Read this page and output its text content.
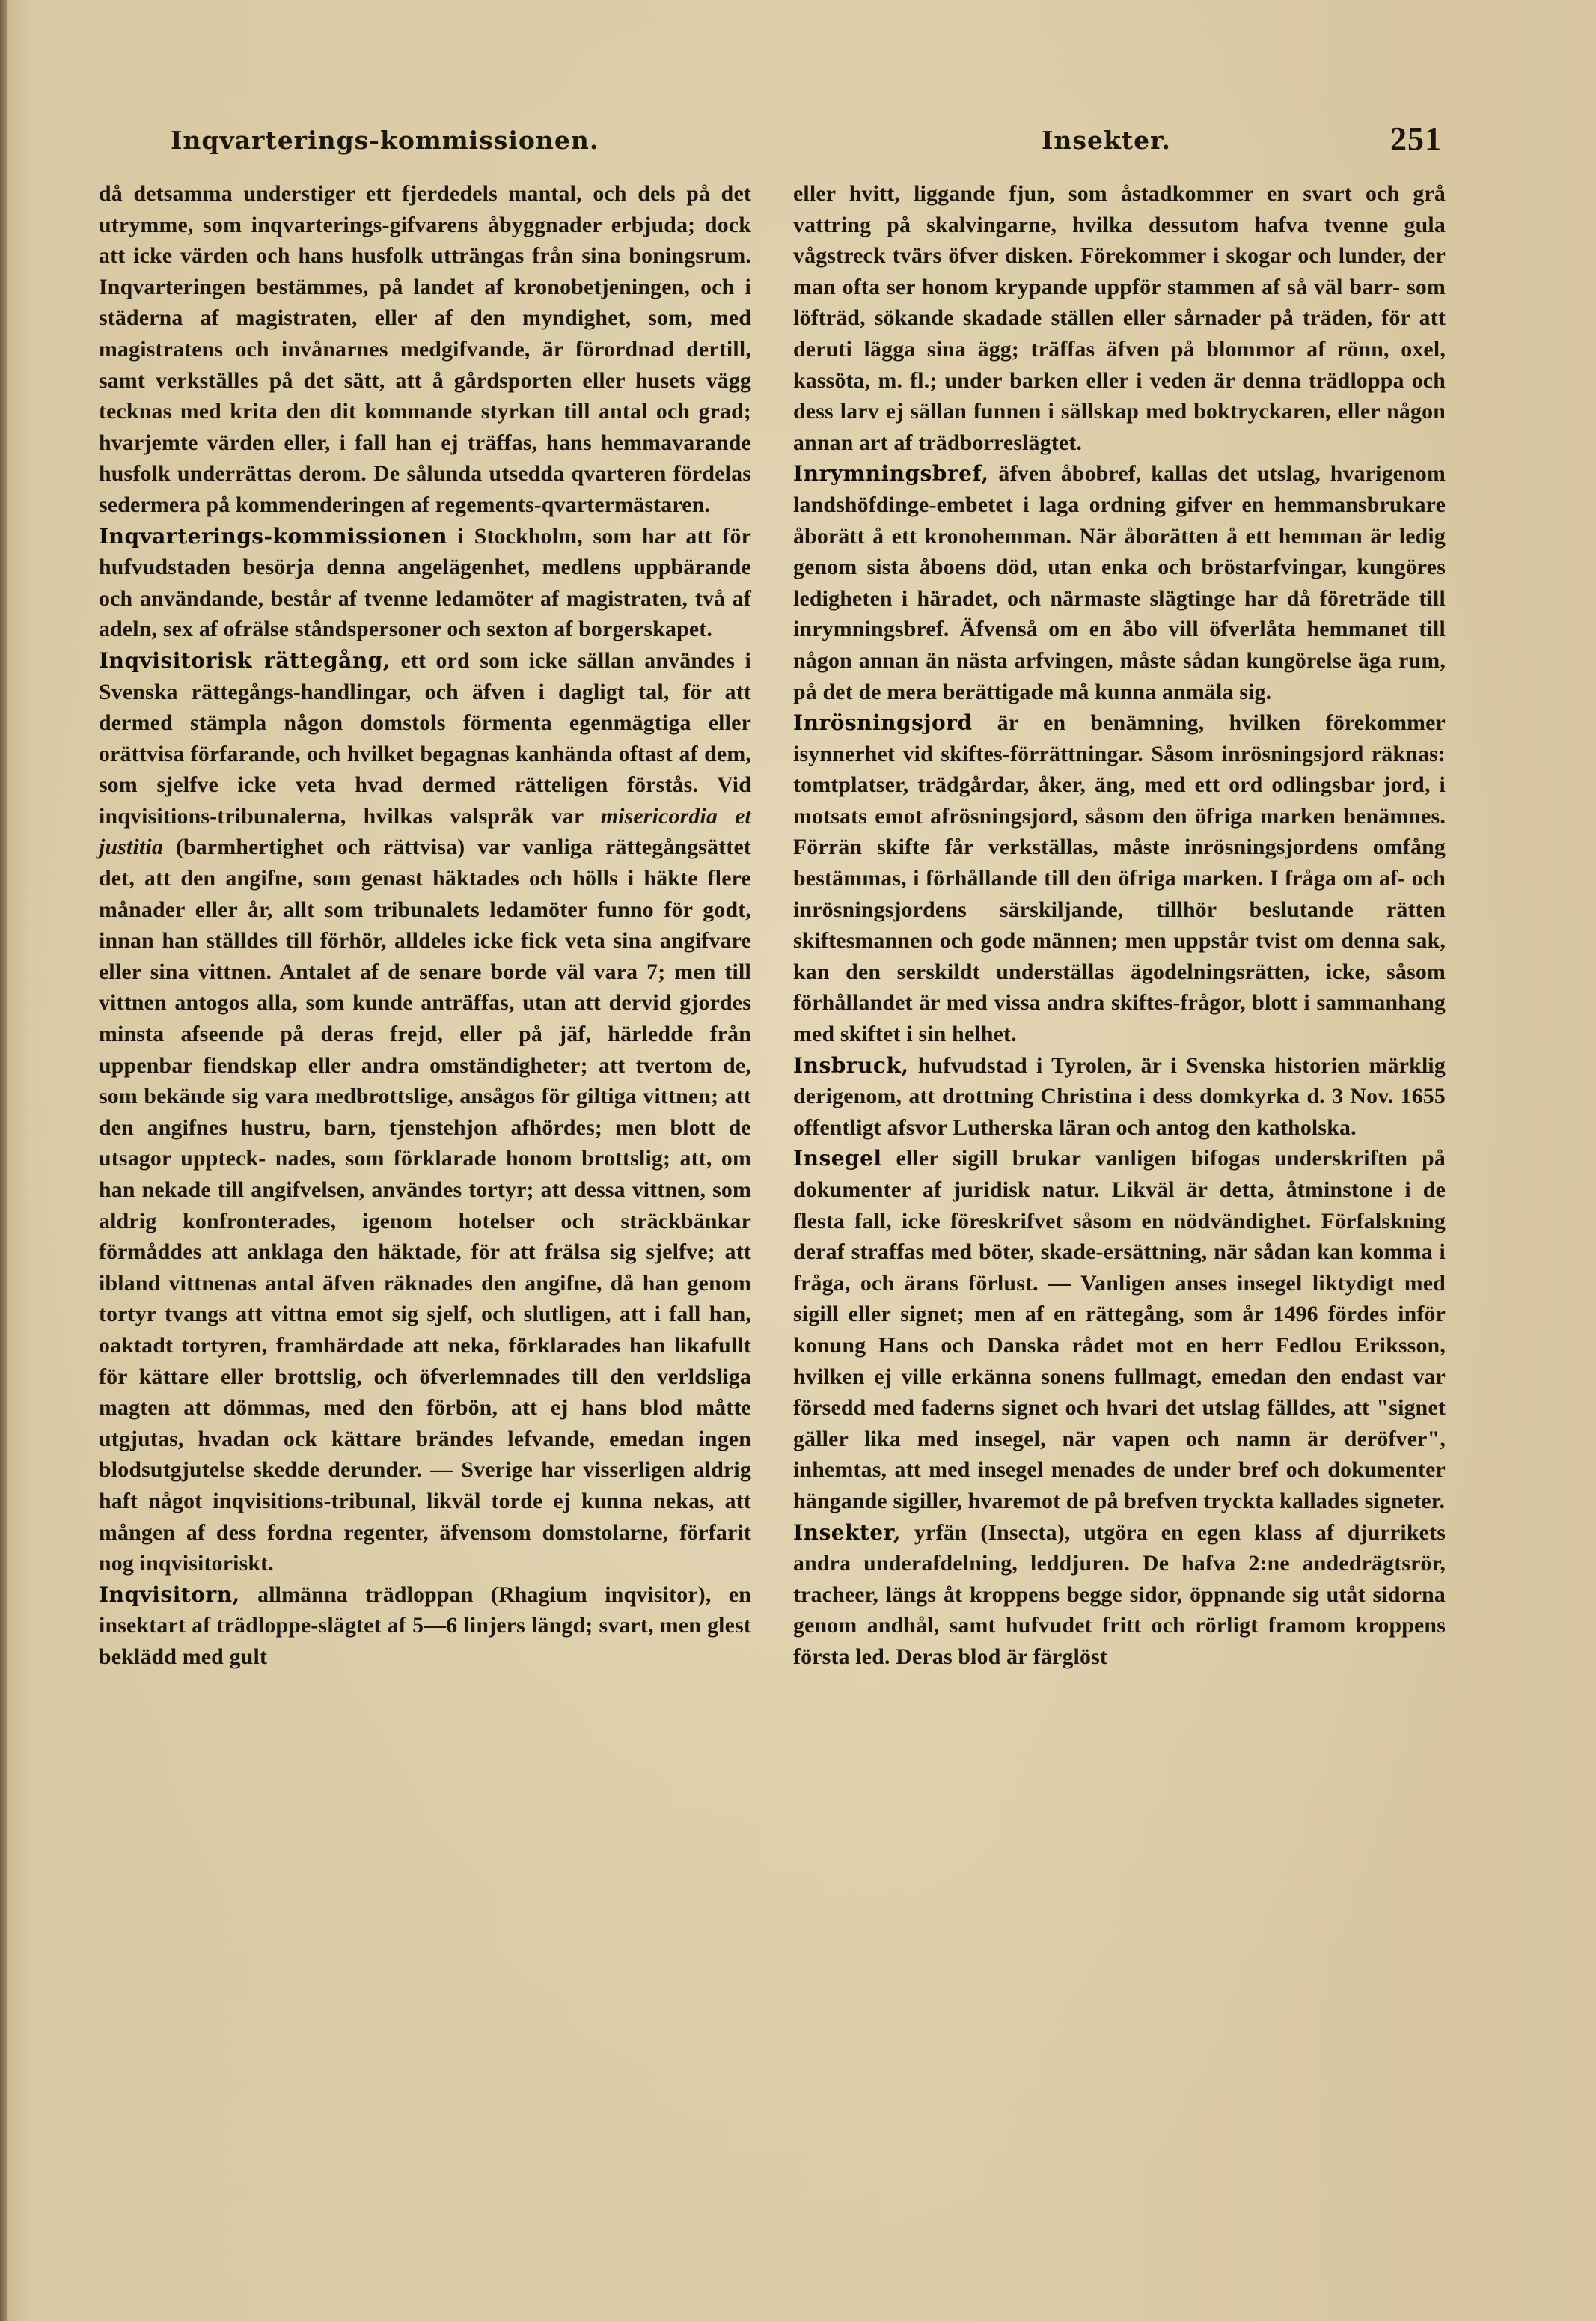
Inqvarterings-kommissionen.	Insekter.	251

då detsamma understiger ett fjerdedels mantal, och dels på det utrymme, som inqvarterings-gifvarens åbyggnader erbjuda; dock att icke värden och hans husfolk utträngas från sina boningsrum. Inqvarteringen bestämmes, på landet af kronobetjeningen, och i städerna af magistraten, eller af den myndighet, som, med magistratens och invånarnes medgifvande, är förordnad dertill, samt verkställes på det sätt, att å gårdsporten eller husets vägg tecknas med krita den dit kommande styrkan till antal och grad; hvarjemte värden eller, i fall han ej träffas, hans hemmavarande husfolk underrättas derom. De sålunda utsedda qvarteren fördelas sedermera på kommenderingen af regements-qvartermästaren.

Inqvarterings-kommissionen i Stockholm, som har att för hufvudstaden besörja denna angelägenhet, medlens uppbärande och användande, består af tvenne ledamöter af magistraten, två af adeln, sex af ofrälse ståndspersoner och sexton af borgerskapet.

Inqvisitorisk rättegång, ett ord som icke sällan användes i Svenska rättegångs-handlingar, och äfven i dagligt tal, för att dermed stämpla någon domstols förmenta egenmägtiga eller orättvisa förfarande, och hvilket begagnas kanhända oftast af dem, som sjelfve icke veta hvad dermed rätteligen förstås. Vid inqvisitions-tribunalerna, hvilkas valspråk var misericordia et justitia (barmhertighet och rättvisa) var vanliga rättegångsättet det, att den angifne, som genast häktades och hölls i häkte flere månader eller år, allt som tribunalets ledamöter funno för godt, innan han ställdes till förhör, alldeles icke fick veta sina angifvare eller sina vittnen. Antalet af de senare borde väl vara 7; men till vittnen antogos alla, som kunde anträffas, utan att dervid gjordes minsta afseende på deras frejd, eller på jäf, härledde från uppenbar fiendskap eller andra omständigheter; att tvertom de, som bekände sig vara medbrottslige, ansågos för giltiga vittnen; att den angifnes hustru, barn, tjenstehjon afhördes; men blott de utsagor uppteck- nades, som förklarade honom brottslig; att, om han nekade till angifvelsen, användes tortyr; att dessa vittnen, som aldrig konfronterades, igenom hotelser och sträckbänkar förmåddes att anklaga den häktade, för att frälsa sig sjelfve; att ibland vittnenas antal äfven räknades den angifne, då han genom tortyr tvangs att vittna emot sig sjelf, och slutligen, att i fall han, oaktadt tortyren, framhärdade att neka, förklarades han likafullt för kättare eller brottslig, och öfverlemnades till den verldsliga magten att dömmas, med den förbön, att ej hans blod måtte utgjutas, hvadan ock kättare brändes lefvande, emedan ingen blodsutgjutelse skedde derunder. — Sverige har visserligen aldrig haft något inqvisitions-tribunal, likväl torde ej kunna nekas, att mången af dess fordna regenter, äfvensom domstolarne, förfarit nog inqvisitoriskt.

Inqvisitorn, allmänna trädloppan (Rhagium inqvisitor), en insektart af trädloppe-slägtet af 5—6 linjers längd; svart, men glest beklädd med gult

eller hvitt, liggande fjun, som åstadkommer en svart och grå vattring på skalvingarne, hvilka dessutom hafva tvenne gula vågstreck tvärs öfver disken. Förekommer i skogar och lunder, der man ofta ser honom krypande uppför stammen af så väl barr- som löfträd, sökande skadade ställen eller sårnader på träden, för att deruti lägga sina ägg; träffas äfven på blommor af rönn, oxel, kassöta, m. fl.; under barken eller i veden är denna trädloppa och dess larv ej sällan funnen i sällskap med boktryckaren, eller någon annan art af trädborreslägtet.

Inrymningsbref, äfven åbobref, kallas det utslag, hvarigenom landshöfdinge-embetet i laga ordning gifver en hemmansbrukare åborätt å ett kronohemman. När åborätten å ett hemman är ledig genom sista åboens död, utan enka och bröstarfvingar, kungöres ledigheten i häradet, och närmaste slägtinge har då företräde till inrymningsbref. Äfvenså om en åbo vill öfverlåta hemmanet till någon annan än nästa arfvingen, måste sådan kungörelse äga rum, på det de mera berättigade må kunna anmäla sig.

Inrösningsjord är en benämning, hvilken förekommer isynnerhet vid skiftes-förrättningar. Såsom inrösningsjord räknas: tomtplatser, trädgårdar, åker, äng, med ett ord odlingsbar jord, i motsats emot afrösningsjord, såsom den öfriga marken benämnes. Förrän skifte får verkställas, måste inrösningsjordens omfång bestämmas, i förhållande till den öfriga marken. I fråga om af- och inrösningsjordens särskiljande, tillhör beslutande rätten skiftesmannen och gode männen; men uppstår tvist om denna sak, kan den serskildt underställas ägodelningsrätten, icke, såsom förhållandet är med vissa andra skiftes-frågor, blott i sammanhang med skiftet i sin helhet.

Insbruck, hufvudstad i Tyrolen, är i Svenska historien märklig derigenom, att drottning Christina i dess domkyrka d. 3 Nov. 1655 offentligt afsvor Lutherska läran och antog den katholska.

Insegel eller sigill brukar vanligen bifogas underskriften på dokumenter af juridisk natur. Likväl är detta, åtminstone i de flesta fall, icke föreskrifvet såsom en nödvändighet. Förfalskning deraf straffas med böter, skade-ersättning, när sådan kan komma i fråga, och ärans förlust. — Vanligen anses insegel liktydigt med sigill eller signet; men af en rättegång, som år 1496 fördes inför konung Hans och Danska rådet mot en herr Fedlou Eriksson, hvilken ej ville erkänna sonens fullmagt, emedan den endast var försedd med faderns signet och hvari det utslag fälldes, att "signet gäller lika med insegel, när vapen och namn är deröfver", inhemtas, att med insegel menades de under bref och dokumenter hängande sigiller, hvaremot de på brefven tryckta kallades signeter.

Insekter, yrfän (Insecta), utgöra en egen klass af djurrikets andra underafdelning, leddjuren. De hafva 2:ne andedrägtsrör, tracheer, längs åt kroppens begge sidor, öppnande sig utåt sidorna genom andhål, samt hufvudet fritt och rörligt framom kroppens första led. Deras blod är färglöst
